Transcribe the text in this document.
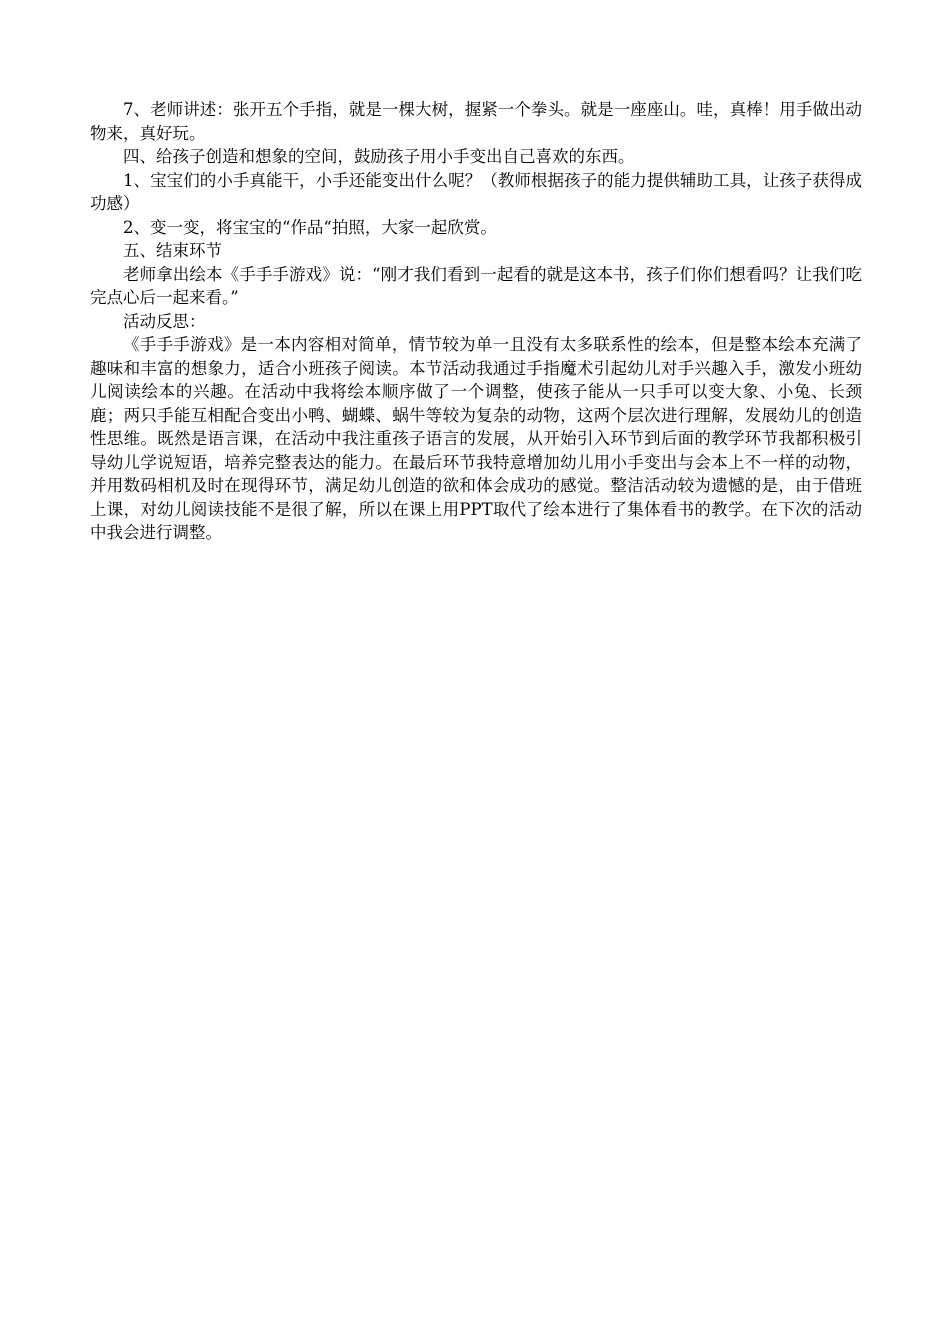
7、老师讲述：张开五个手指，就是一棵大树，握紧一个拳头。就是一座座山。哇，真棒！用手做出动物来，真好玩。

四、给孩子创造和想象的空间，鼓励孩子用小手变出自己喜欢的东西。

1、宝宝们的小手真能干，小手还能变出什么呢？（教师根据孩子的能力提供辅助工具，让孩子获得成功感）

2、变一变，将宝宝的“作品“拍照，大家一起欣赏。

五、结束环节

老师拿出绘本《手手手游戏》说：“刚才我们看到一起看的就是这本书，孩子们你们想看吗？让我们吃完点心后一起来看。”

活动反思：

《手手手游戏》是一本内容相对简单，情节较为单一且没有太多联系性的绘本，但是整本绘本充满了趣味和丰富的想象力，适合小班孩子阅读。本节活动我通过手指魔术引起幼儿对手兴趣入手，激发小班幼儿阅读绘本的兴趣。在活动中我将绘本顺序做了一个调整，使孩子能从一只手可以变大象、小兔、长颈鹿；两只手能互相配合变出小鸭、蝴蝶、蜗牛等较为复杂的动物，这两个层次进行理解，发展幼儿的创造性思维。既然是语言课，在活动中我注重孩子语言的发展，从开始引入环节到后面的教学环节我都积极引导幼儿学说短语，培养完整表达的能力。在最后环节我特意增加幼儿用小手变出与会本上不一样的动物，并用数码相机及时在现得环节，满足幼儿创造的欲和体会成功的感觉。整洁活动较为遗憾的是，由于借班上课，对幼儿阅读技能不是很了解，所以在课上用PPT取代了绘本进行了集体看书的教学。在下次的活动中我会进行调整。
